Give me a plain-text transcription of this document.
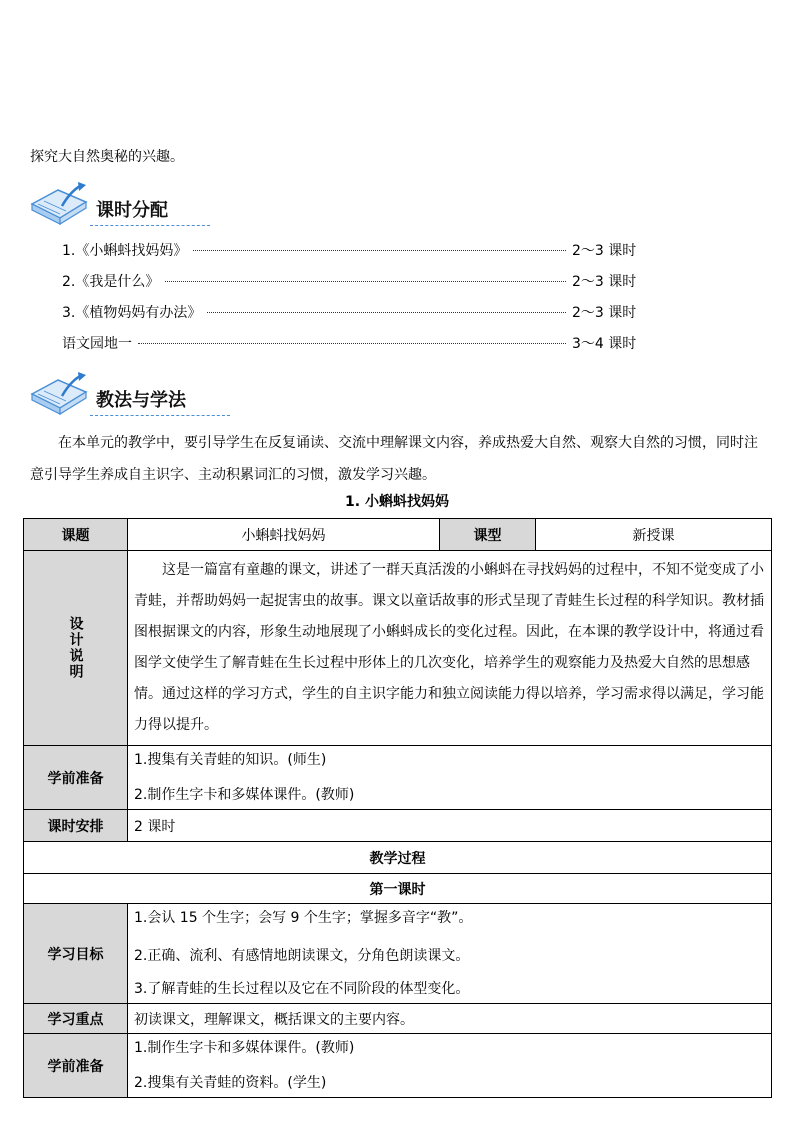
探究大自然奥秘的兴趣。
课时分配
1.《小蝌蚪找妈妈》	2～3 课时
2.《我是什么》	2～3 课时
3.《植物妈妈有办法》	2～3 课时
语文园地一	3～4 课时
教法与学法
在本单元的教学中，要引导学生在反复诵读、交流中理解课文内容，养成热爱大自然、观察大自然的习惯，同时注意引导学生养成自主识字、主动积累词汇的习惯，激发学习兴趣。
1. 小蝌蚪找妈妈
课题	小蝌蚪找妈妈	课型	新授课

设计说明	这是一篇富有童趣的课文，讲述了一群天真活泼的小蝌蚪在寻找妈妈的过程中，不知不觉变成了小青蛙，并帮助妈妈一起捉害虫的故事。课文以童话故事的形式呈现了青蛙生长过程的科学知识。教材插图根据课文的内容，形象生动地展现了小蝌蚪成长的变化过程。因此，在本课的教学设计中，将通过看图学文使学生了解青蛙在生长过程中形体上的几次变化，培养学生的观察能力及热爱大自然的思想感情。通过这样的学习方式，学生的自主识字能力和独立阅读能力得以培养，学习需求得以满足，学习能力得以提升。		

学前准备	1.搜集有关青蛙的知识。(师生)
2.制作生字卡和多媒体课件。(教师)		

课时安排	2 课时		
教学过程			
第一课时			
学习目标	1.会认 15 个生字；会写 9 个生字；掌握多音字“教”。
2.正确、流利、有感情地朗读课文，分角色朗读课文。
3.了解青蛙的生长过程以及它在不同阶段的体型变化。		

学习重点	初读课文，理解课文，概括课文的主要内容。		
学前准备	1.制作生字卡和多媒体课件。(教师)
2.搜集有关青蛙的资料。(学生)		
